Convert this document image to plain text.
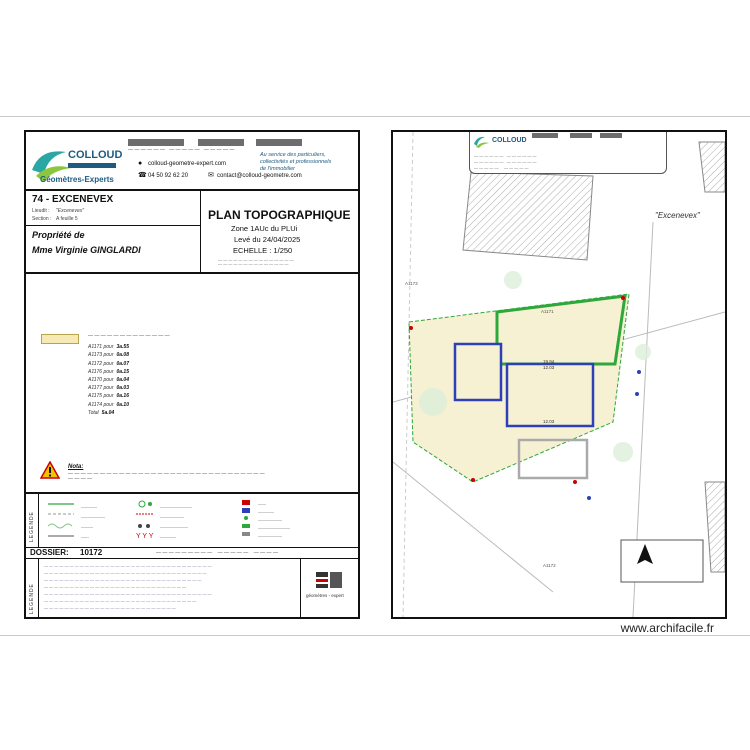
COLLOUD
Géomètres-Experts
— — — — — —   — — — — —   — — — — —
● colloud-geometre-expert.com
☎ 04 50 92 62 20	✉ contact@colloud-geometre.com
Au service des particuliers,
collectivités et professionnels
de l'immobilier
74 - EXCENEVEX
Lieudit : "Excenevex"
Section : A feuille 5
Propriété de
Mme Virginie GINGLARDI
PLAN TOPOGRAPHIQUE
Zone 1AUc du PLUi
Levé du 24/04/2025
ECHELLE : 1/250
— — — — — — — — — — — — — — —
— — — — — — — — — — — — — —
— — — — — — — — — — — — —
A1171 pour 3a.55
A1173 pour 0a.08
A1172 pour 0a.07
A1176 pour 0a.15
A1170 pour 0a.04
A1177 pour 0a.03
A1175 pour 0a.16
A1174 pour 0a.10
Total 5a.04
Nota:
— — — — — — — — — — — — — — — — — — — — — — — — — — — — — — —
— — — —
LEGENDE	Y Y Y
————
——————
———
——
————————
——————
———————
————
——
————
——————
————————
——————
DOSSIER: 10172	— — — — — — — — —    — — — — —    — — — —
LEGENDE
— — — — — — — — — — — — — — — — — — — — — — — — — — — — — — — — —
— — — — — — — — — — — — — — — — — — — — — — — — — — — — — — — —
— — — — — — — — — — — — — — — — — — — — — — — — — — — — — — —
— — — — — — — — — — — — — — — — — — — — — — — — — — — —
— — — — — — — — — — — — — — — — — — — — — — — — — — — — — — — — —
— — — — — — — — — — — — — — — — — — — — — — — — — — — — — —
— — — — — — — — — — — — — — — — — — — — — — — — — —
géomètres - expert
COLLOUD
— — — — — —   — — — — — —
— — — — — —   — — — — — —
— — — — —     — — — — —
"Excenevex"
19.94
12.03
12.03
A1171
A1173
A1172
www.archifacile.fr
